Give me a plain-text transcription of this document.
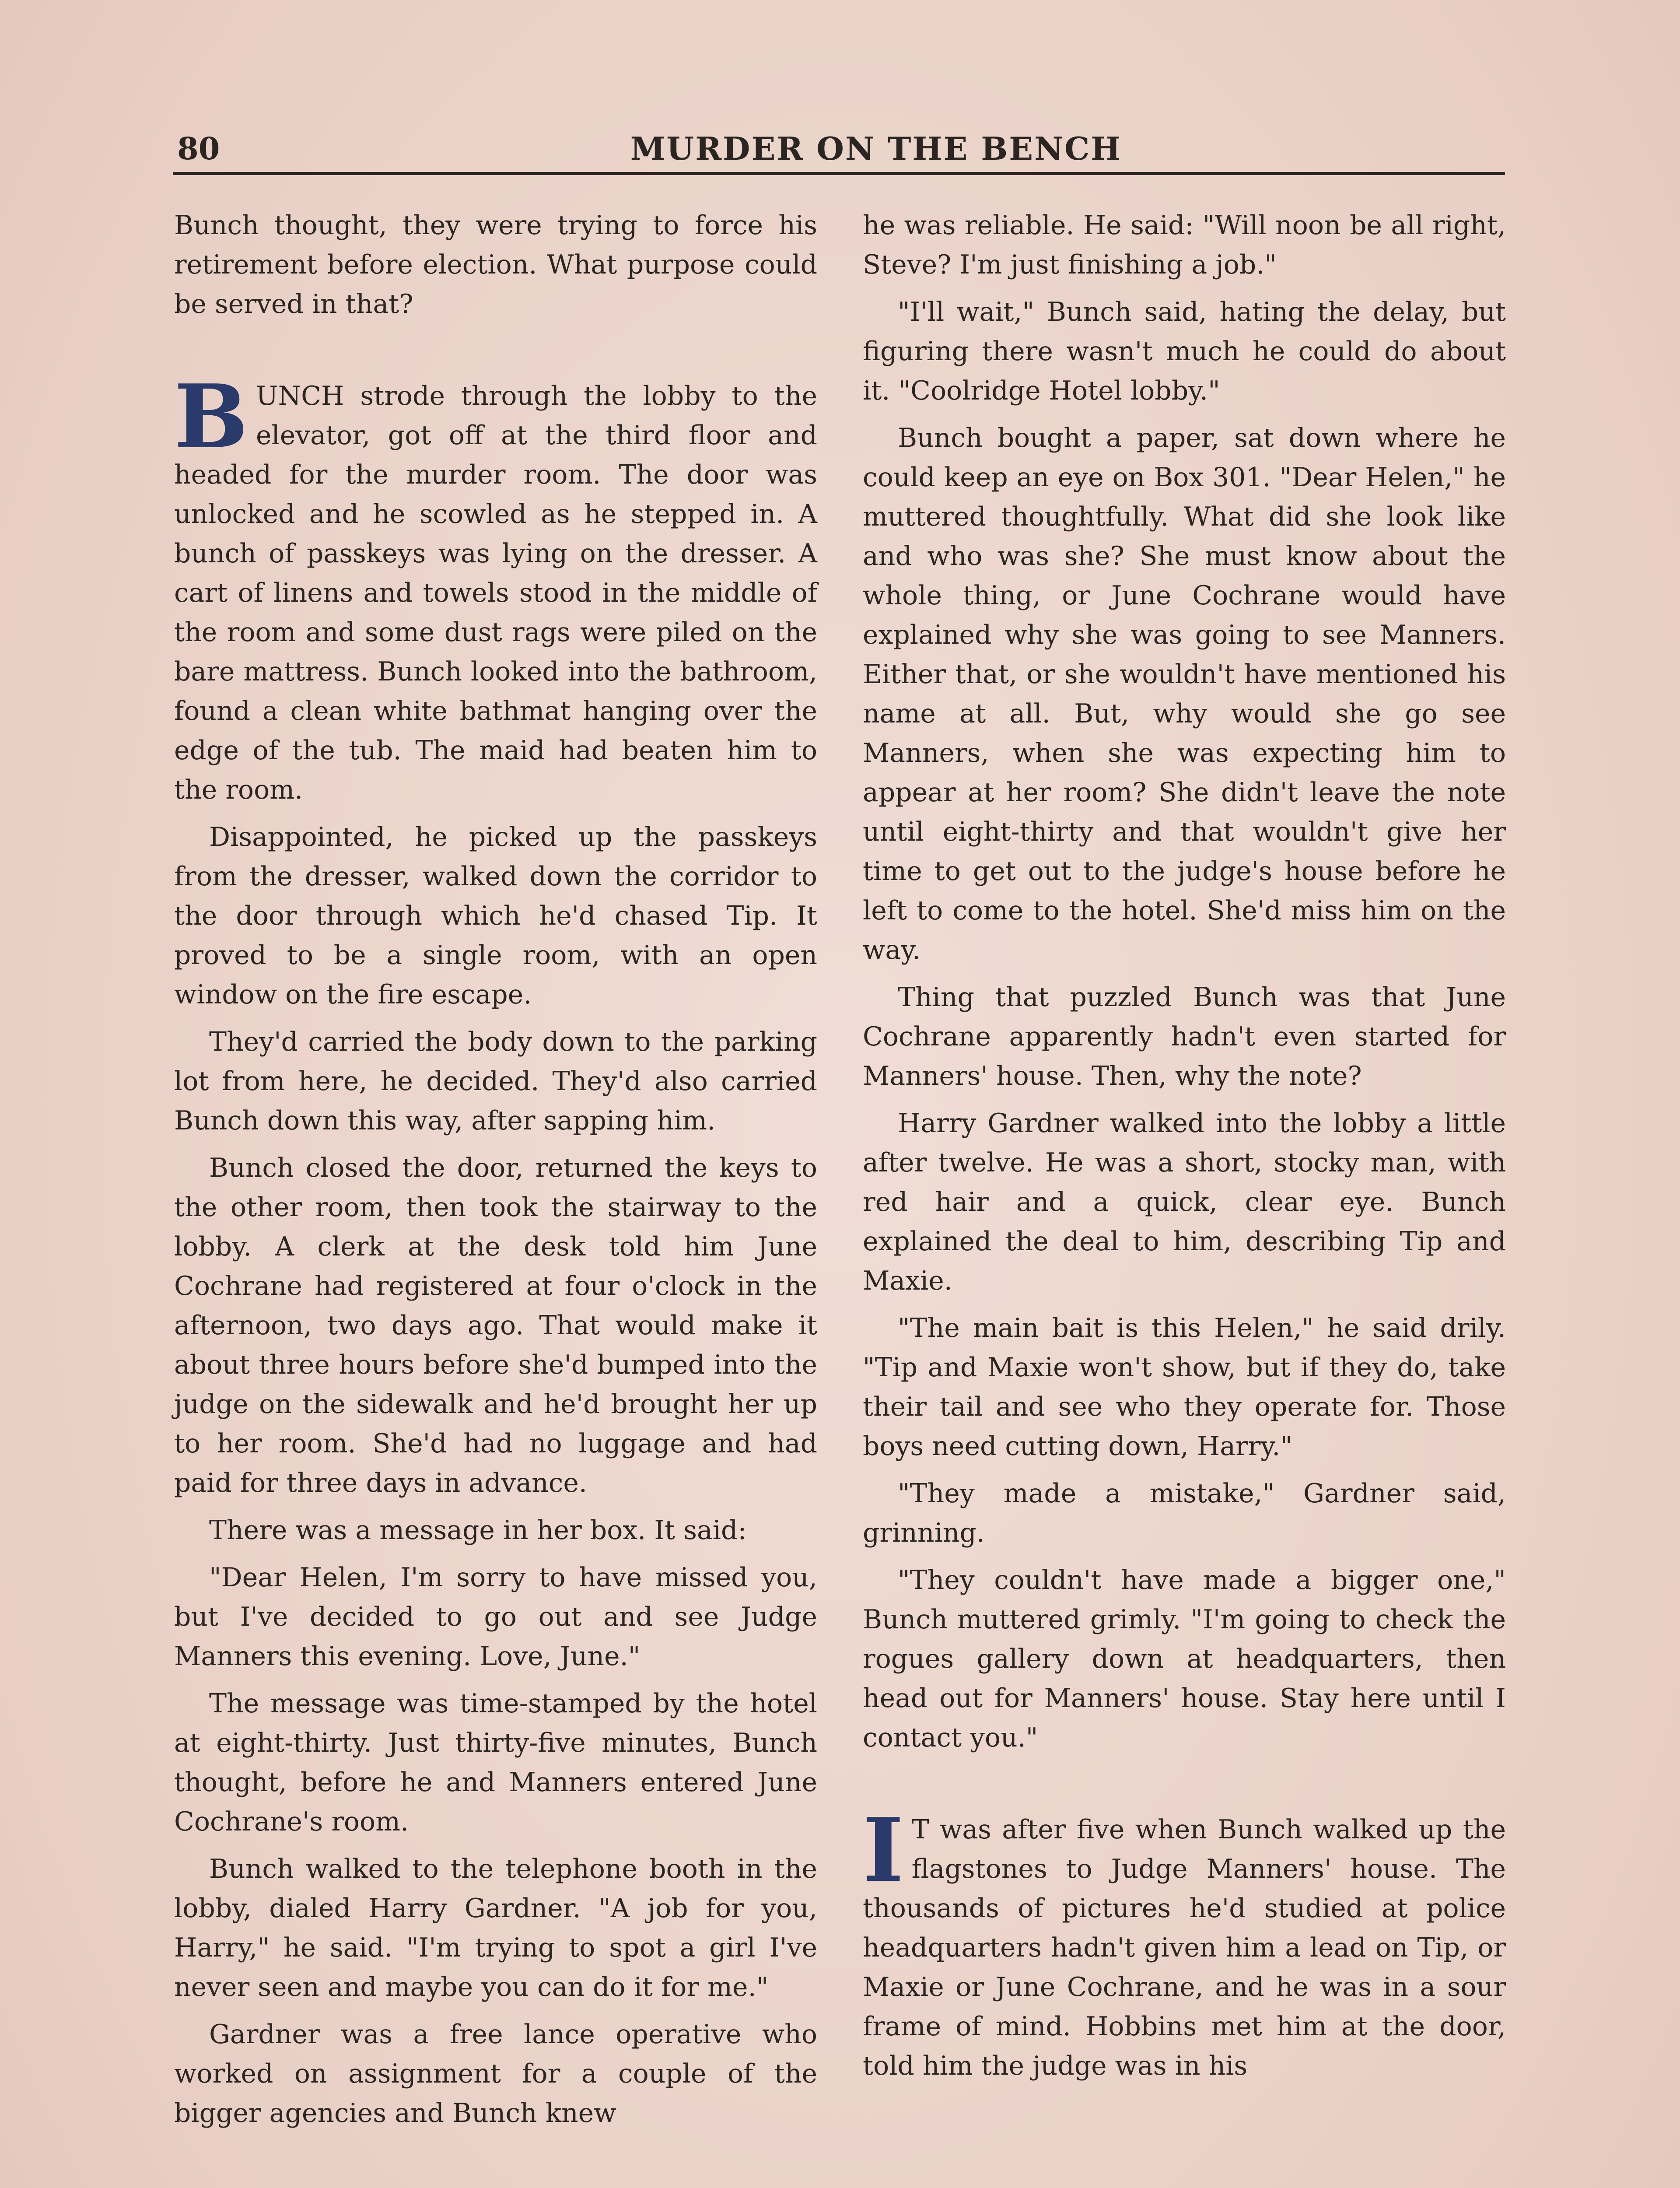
80	MURDER ON THE BENCH

Bunch thought, they were trying to force his retirement before election. What purpose could be served in that?

BUNCH strode through the lobby to the elevator, got off at the third floor and headed for the murder room. The door was unlocked and he scowled as he stepped in. A bunch of passkeys was lying on the dresser. A cart of linens and towels stood in the middle of the room and some dust rags were piled on the bare mattress. Bunch looked into the bathroom, found a clean white bathmat hanging over the edge of the tub. The maid had beaten him to the room.

Disappointed, he picked up the passkeys from the dresser, walked down the corridor to the door through which he'd chased Tip. It proved to be a single room, with an open window on the fire escape.

They'd carried the body down to the parking lot from here, he decided. They'd also carried Bunch down this way, after sapping him.

Bunch closed the door, returned the keys to the other room, then took the stairway to the lobby. A clerk at the desk told him June Cochrane had registered at four o'clock in the afternoon, two days ago. That would make it about three hours before she'd bumped into the judge on the sidewalk and he'd brought her up to her room. She'd had no luggage and had paid for three days in advance.

There was a message in her box. It said:

"Dear Helen, I'm sorry to have missed you, but I've decided to go out and see Judge Manners this evening. Love, June."

The message was time-stamped by the hotel at eight-thirty. Just thirty-five minutes, Bunch thought, before he and Manners entered June Cochrane's room.

Bunch walked to the telephone booth in the lobby, dialed Harry Gardner. "A job for you, Harry," he said. "I'm trying to spot a girl I've never seen and maybe you can do it for me."

Gardner was a free lance operative who worked on assignment for a couple of the bigger agencies and Bunch knew

he was reliable. He said: "Will noon be all right, Steve? I'm just finishing a job."

"I'll wait," Bunch said, hating the delay, but figuring there wasn't much he could do about it. "Coolridge Hotel lobby."

Bunch bought a paper, sat down where he could keep an eye on Box 301. "Dear Helen," he muttered thoughtfully. What did she look like and who was she? She must know about the whole thing, or June Cochrane would have explained why she was going to see Manners. Either that, or she wouldn't have mentioned his name at all. But, why would she go see Manners, when she was expecting him to appear at her room? She didn't leave the note until eight-thirty and that wouldn't give her time to get out to the judge's house before he left to come to the hotel. She'd miss him on the way.

Thing that puzzled Bunch was that June Cochrane apparently hadn't even started for Manners' house. Then, why the note?

Harry Gardner walked into the lobby a little after twelve. He was a short, stocky man, with red hair and a quick, clear eye. Bunch explained the deal to him, describing Tip and Maxie.

"The main bait is this Helen," he said drily. "Tip and Maxie won't show, but if they do, take their tail and see who they operate for. Those boys need cutting down, Harry."

"They made a mistake," Gardner said, grinning.

"They couldn't have made a bigger one," Bunch muttered grimly. "I'm going to check the rogues gallery down at headquarters, then head out for Manners' house. Stay here until I contact you."

I T was after five when Bunch walked up the flagstones to Judge Manners' house. The thousands of pictures he'd studied at police headquarters hadn't given him a lead on Tip, or Maxie or June Cochrane, and he was in a sour frame of mind. Hobbins met him at the door, told him the judge was in his
